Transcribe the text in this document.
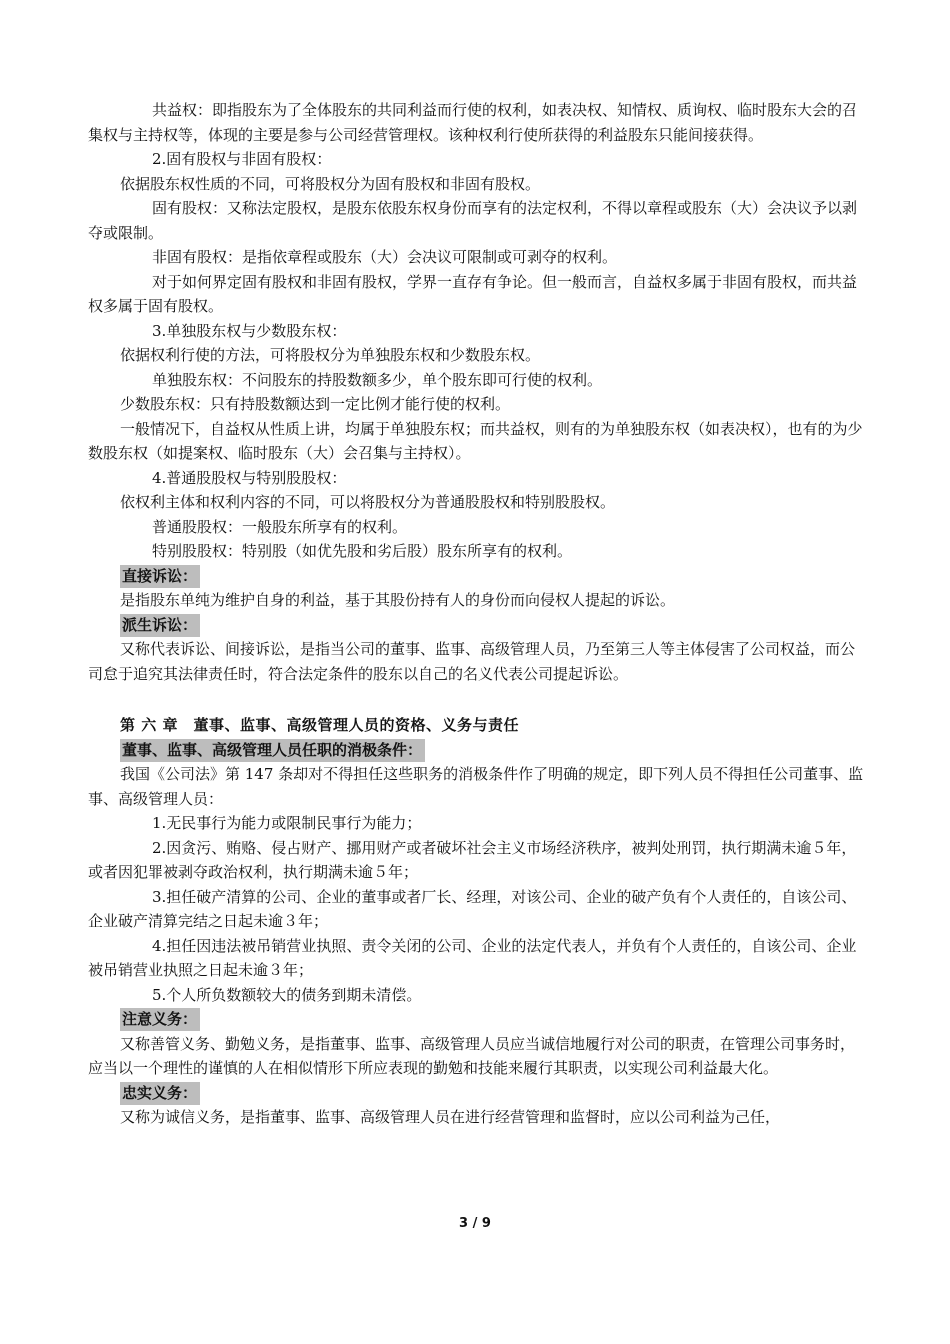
共益权：即指股东为了全体股东的共同利益而行使的权利，如表决权、知情权、质询权、临时股东大会的召集权与主持权等，体现的主要是参与公司经营管理权。该种权利行使所获得的利益股东只能间接获得。

2.固有股权与非固有股权：

依据股东权性质的不同，可将股权分为固有股权和非固有股权。

固有股权：又称法定股权，是股东依股东权身份而享有的法定权利，不得以章程或股东（大）会决议予以剥夺或限制。

非固有股权：是指依章程或股东（大）会决议可限制或可剥夺的权利。

对于如何界定固有股权和非固有股权，学界一直存有争论。但一般而言，自益权多属于非固有股权，而共益权多属于固有股权。

3.单独股东权与少数股东权：

依据权利行使的方法，可将股权分为单独股东权和少数股东权。

单独股东权：不问股东的持股数额多少，单个股东即可行使的权利。

少数股东权：只有持股数额达到一定比例才能行使的权利。

一般情况下，自益权从性质上讲，均属于单独股东权；而共益权，则有的为单独股东权（如表决权），也有的为少数股东权（如提案权、临时股东（大）会召集与主持权）。

4.普通股股权与特别股股权：

依权利主体和权利内容的不同，可以将股权分为普通股股权和特别股股权。

普通股股权：一般股东所享有的权利。

特别股股权：特别股（如优先股和劣后股）股东所享有的权利。

直接诉讼：

是指股东单纯为维护自身的利益，基于其股份持有人的身份而向侵权人提起的诉讼。

派生诉讼：

又称代表诉讼、间接诉讼，是指当公司的董事、监事、高级管理人员，乃至第三人等主体侵害了公司权益，而公司怠于追究其法律责任时，符合法定条件的股东以自己的名义代表公司提起诉讼。

第 六 章　董事、监事、高级管理人员的资格、义务与责任

董事、监事、高级管理人员任职的消极条件：

我国《公司法》第 147 条却对不得担任这些职务的消极条件作了明确的规定，即下列人员不得担任公司董事、监事、高级管理人员：

1.无民事行为能力或限制民事行为能力；

2.因贪污、贿赂、侵占财产、挪用财产或者破坏社会主义市场经济秩序，被判处刑罚，执行期满未逾５年，或者因犯罪被剥夺政治权利，执行期满未逾５年；

3.担任破产清算的公司、企业的董事或者厂长、经理，对该公司、企业的破产负有个人责任的，自该公司、企业破产清算完结之日起未逾３年；

4.担任因违法被吊销营业执照、责令关闭的公司、企业的法定代表人，并负有个人责任的，自该公司、企业被吊销营业执照之日起未逾３年；

5.个人所负数额较大的债务到期未清偿。

注意义务：

又称善管义务、勤勉义务，是指董事、监事、高级管理人员应当诚信地履行对公司的职责，在管理公司事务时，应当以一个理性的谨慎的人在相似情形下所应表现的勤勉和技能来履行其职责，以实现公司利益最大化。

忠实义务：

又称为诚信义务，是指董事、监事、高级管理人员在进行经营管理和监督时，应以公司利益为己任，

3 / 9
